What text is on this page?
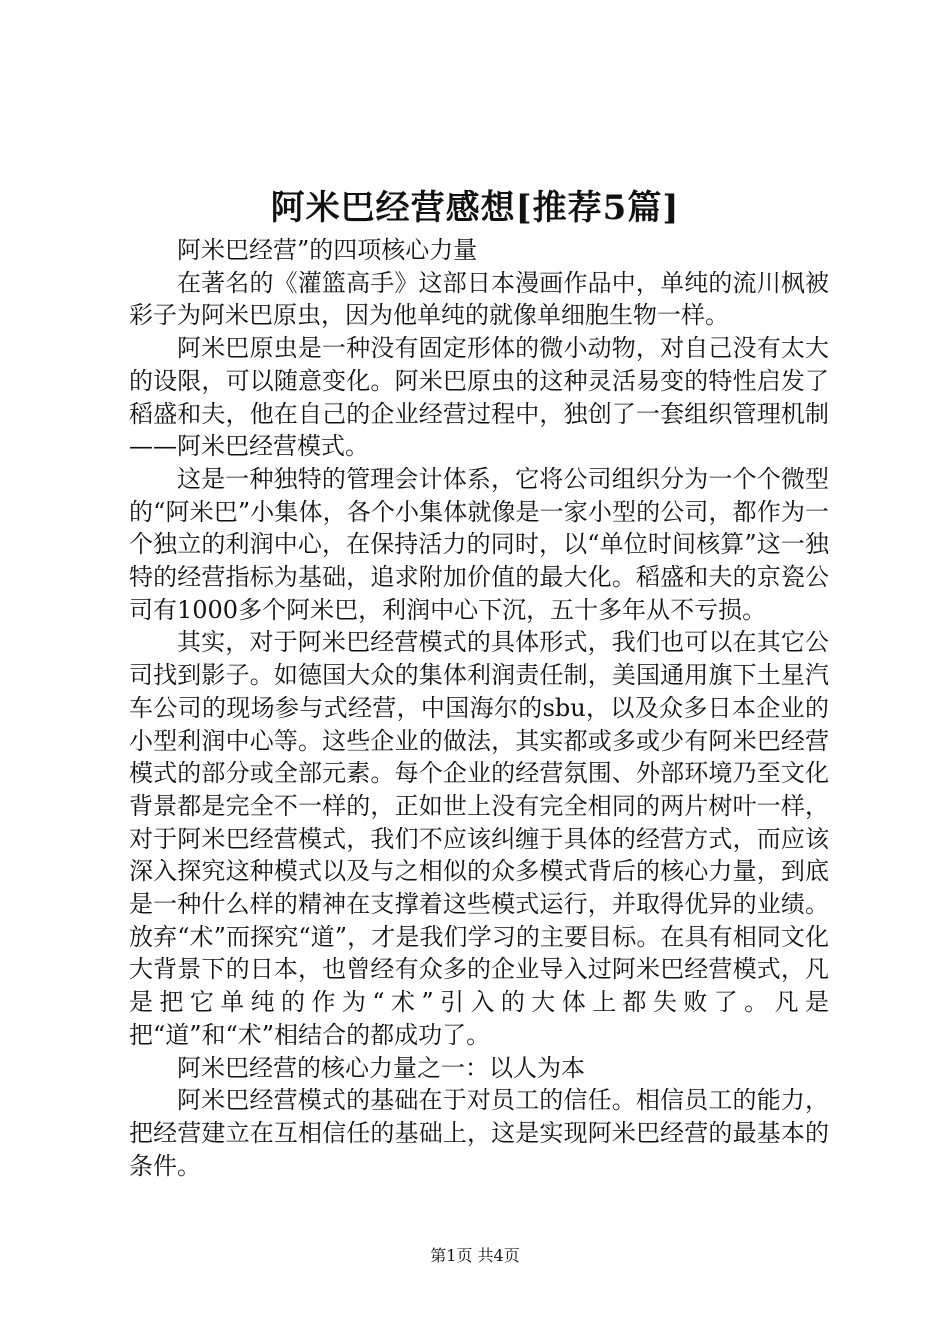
阿米巴经营感想[推荐5篇]

阿米巴经营”的四项核心力量

在著名的《灌篮高手》这部日本漫画作品中，单纯的流川枫被彩子为阿米巴原虫，因为他单纯的就像单细胞生物一样。

阿米巴原虫是一种没有固定形体的微小动物，对自己没有太大的设限，可以随意变化。阿米巴原虫的这种灵活易变的特性启发了稻盛和夫，他在自己的企业经营过程中，独创了一套组织管理机制——阿米巴经营模式。

这是一种独特的管理会计体系，它将公司组织分为一个个微型的“阿米巴”小集体，各个小集体就像是一家小型的公司，都作为一个独立的利润中心，在保持活力的同时，以“单位时间核算”这一独特的经营指标为基础，追求附加价值的最大化。稻盛和夫的京瓷公司有1000多个阿米巴，利润中心下沉，五十多年从不亏损。

其实，对于阿米巴经营模式的具体形式，我们也可以在其它公司找到影子。如德国大众的集体利润责任制，美国通用旗下土星汽车公司的现场参与式经营，中国海尔的sbu，以及众多日本企业的小型利润中心等。这些企业的做法，其实都或多或少有阿米巴经营模式的部分或全部元素。每个企业的经营氛围、外部环境乃至文化背景都是完全不一样的，正如世上没有完全相同的两片树叶一样，对于阿米巴经营模式，我们不应该纠缠于具体的经营方式，而应该深入探究这种模式以及与之相似的众多模式背后的核心力量，到底是一种什么样的精神在支撑着这些模式运行，并取得优异的业绩。放弃“术”而探究“道”，才是我们学习的主要目标。在具有相同文化大背景下的日本，也曾经有众多的企业导入过阿米巴经营模式，凡是把它单纯的作为“术”引入的大体上都失败了。凡是把“道”和“术”相结合的都成功了。

阿米巴经营的核心力量之一：以人为本

阿米巴经营模式的基础在于对员工的信任。相信员工的能力，把经营建立在互相信任的基础上，这是实现阿米巴经营的最基本的条件。

第1页 共4页
